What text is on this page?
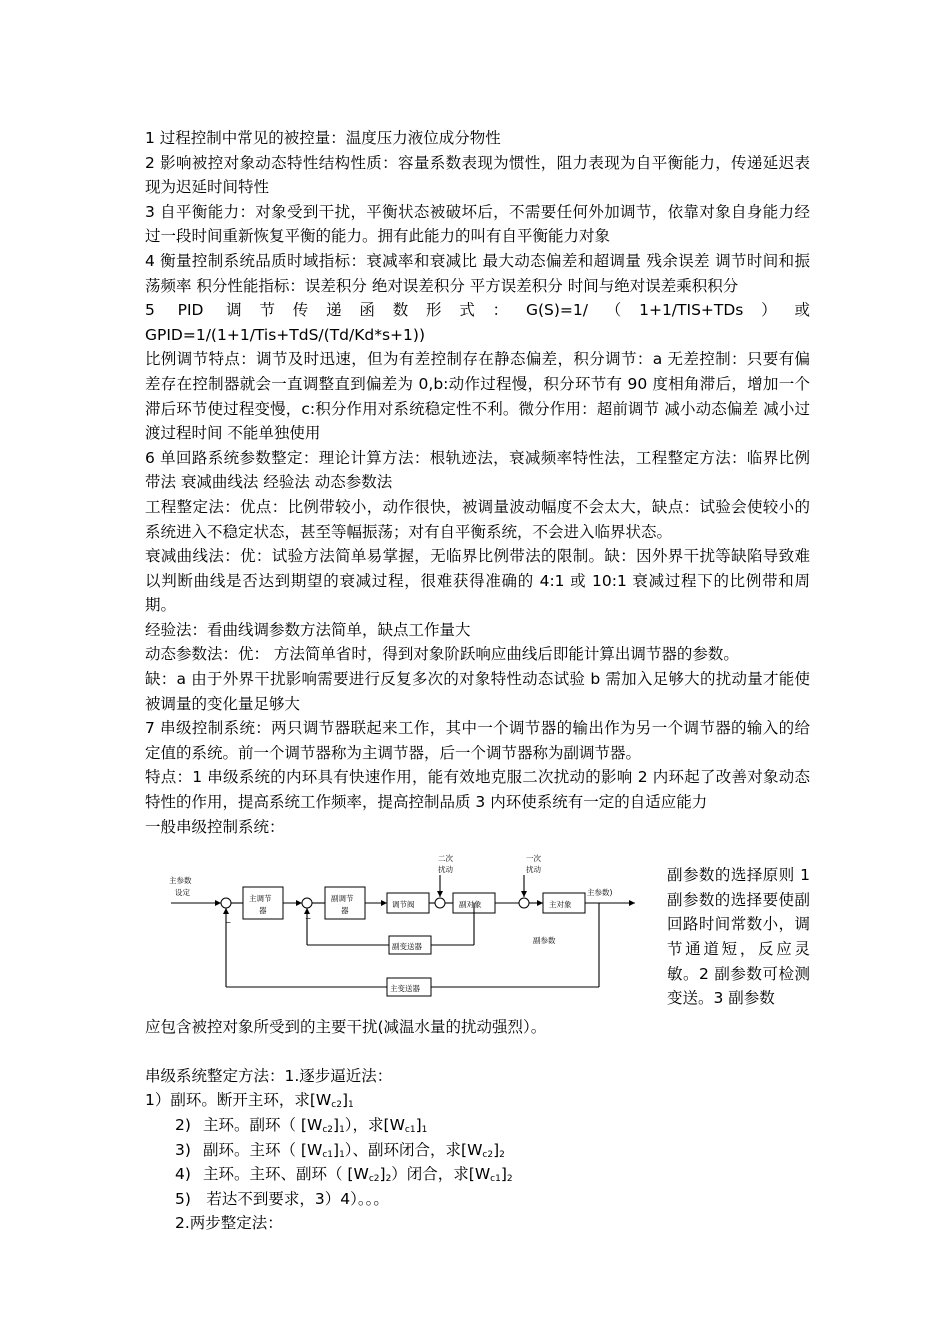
1 过程控制中常见的被控量：温度压力液位成分物性

2 影响被控对象动态特性结构性质：容量系数表现为惯性，阻力表现为自平衡能力，传递延迟表现为迟延时间特性

3 自平衡能力：对象受到干扰，平衡状态被破坏后，不需要任何外加调节，依靠对象自身能力经过一段时间重新恢复平衡的能力。拥有此能力的叫有自平衡能力对象

4 衡量控制系统品质时域指标：衰减率和衰减比 最大动态偏差和超调量 残余误差 调节时间和振荡频率 积分性能指标：误差积分 绝对误差积分 平方误差积分 时间与绝对误差乘积积分

5 PID 调节传递函数形式：G(S)=1/（1+1/TIS+TDs）或 GPID=1/(1+1/Tis+TdS/(Td/Kd*s+1))

比例调节特点：调节及时迅速，但为有差控制存在静态偏差，积分调节：a 无差控制：只要有偏差存在控制器就会一直调整直到偏差为 0,b:动作过程慢，积分环节有 90 度相角滞后，增加一个滞后环节使过程变慢，c:积分作用对系统稳定性不利。微分作用：超前调节 减小动态偏差 减小过渡过程时间 不能单独使用

6 单回路系统参数整定：理论计算方法：根轨迹法，衰减频率特性法，工程整定方法：临界比例带法 衰减曲线法 经验法 动态参数法

工程整定法：优点：比例带较小，动作很快，被调量波动幅度不会太大，缺点：试验会使较小的系统进入不稳定状态，甚至等幅振荡；对有自平衡系统，不会进入临界状态。

衰减曲线法：优：试验方法简单易掌握，无临界比例带法的限制。缺：因外界干扰等缺陷导致难以判断曲线是否达到期望的衰减过程，很难获得准确的 4:1 或 10:1 衰减过程下的比例带和周期。

经验法：看曲线调参数方法简单，缺点工作量大

动态参数法：优： 方法简单省时，得到对象阶跃响应曲线后即能计算出调节器的参数。

缺：a 由于外界干扰影响需要进行反复多次的对象特性动态试验 b 需加入足够大的扰动量才能使被调量的变化量足够大

7 串级控制系统：两只调节器联起来工作，其中一个调节器的输出作为另一个调节器的输入的给定值的系统。前一个调节器称为主调节器，后一个调节器称为副调节器。

特点：1 串级系统的内环具有快速作用，能有效地克服二次扰动的影响 2 内环起了改善对象动态特性的作用，提高系统工作频率，提高控制品质 3 内环使系统有一定的自适应能力

一般串级控制系统：

主参数
设定
−
主调节
器
−
副调节
器
调节阀
二次
扰动
副对象
一次
扰动
主对象
主参数)
副变送器
副参数
主变送器
副参数的选择原则 1 副参数的选择要使副回路时间常数小，调节通道短，反应灵敏。2 副参数可检测变送。3 副参数

应包含被控对象所受到的主要干扰(减温水量的扰动强烈）。

串级系统整定方法：1.逐步逼近法：

1）副环。断开主环，求$[W_{c2}]_1$

2) 主环。副环（ $[W_{c2}]_1$），求$[W_{c1}]_1$

3) 副环。主环（ $[W_{c1}]_1$）、副环闭合，求$[W_{c2}]_2$

4) 主环。主环、副环（ $[W_{c2}]_2$）闭合，求$[W_{c1}]_2$

5)　若达不到要求，3）4）。。。

2.两步整定法：
